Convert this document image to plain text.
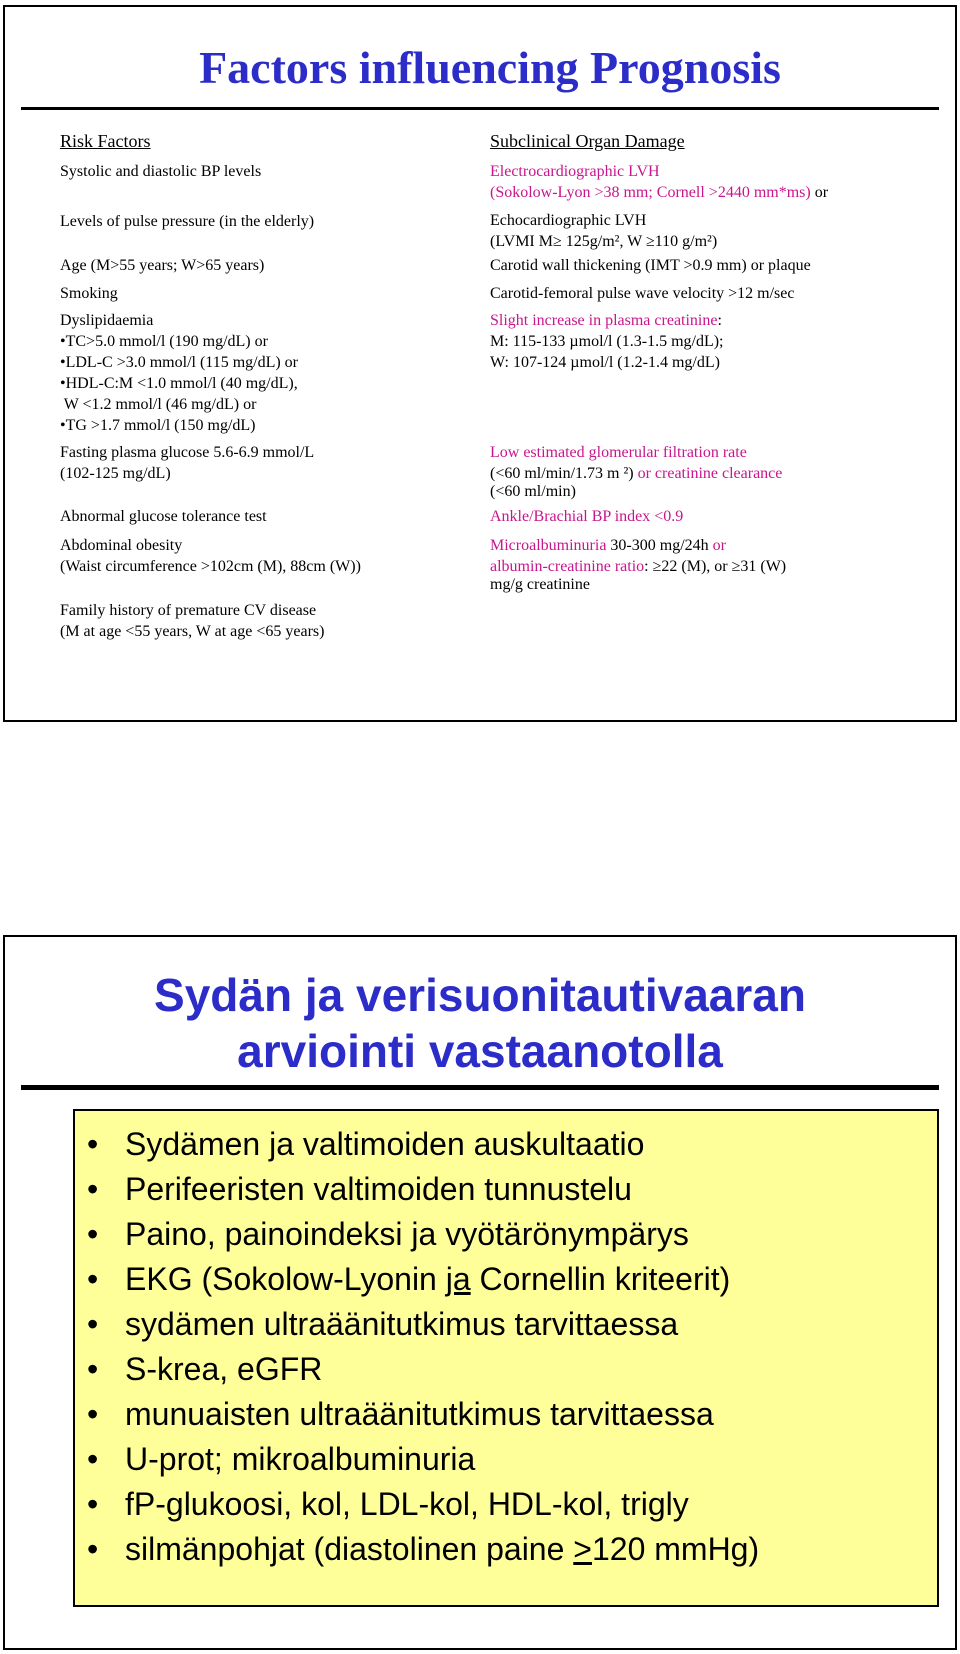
Factors influencing Prognosis
Risk Factors
Systolic and diastolic BP levels
Levels of pulse pressure (in the elderly)
Age (M>55 years; W>65 years)
Smoking
Dyslipidaemia
•TC>5.0 mmol/l (190 mg/dL) or
•LDL-C >3.0 mmol/l (115 mg/dL) or
•HDL-C:M <1.0 mmol/l (40 mg/dL),
W <1.2 mmol/l (46 mg/dL) or
•TG >1.7 mmol/l (150 mg/dL)
Fasting plasma glucose 5.6-6.9 mmol/L
(102-125 mg/dL)
Abnormal glucose tolerance test
Abdominal obesity
(Waist circumference >102cm (M), 88cm (W))
Family history of premature CV disease
(M at age <55 years, W at age <65 years)
Subclinical Organ Damage
Electrocardiographic LVH
(Sokolow-Lyon >38 mm; Cornell >2440 mm*ms) or
Echocardiographic LVH
(LVMI M≥ 125g/m², W ≥110 g/m²)
Carotid wall thickening (IMT >0.9 mm) or plaque
Carotid-femoral pulse wave velocity >12 m/sec
Slight increase in plasma creatinine:
M: 115-133 µmol/l (1.3-1.5 mg/dL);
W: 107-124 µmol/l (1.2-1.4 mg/dL)
Low estimated glomerular filtration rate
(<60 ml/min/1.73 m ²) or creatinine clearance
(<60 ml/min)
Ankle/Brachial BP index <0.9
Microalbuminuria 30-300 mg/24h or
albumin-creatinine ratio: ≥22 (M), or ≥31 (W)
mg/g creatinine
Sydän ja verisuonitautivaaran
arviointi vastaanotolla
• Sydämen ja valtimoiden auskultaatio
• Perifeeristen valtimoiden tunnustelu
• Paino, painoindeksi ja vyötärönympärys
• EKG (Sokolow-Lyonin ja Cornellin kriteerit)
• sydämen ultraäänitutkimus tarvittaessa
• S-krea, eGFR
• munuaisten ultraäänitutkimus tarvittaessa
• U-prot; mikroalbuminuria
• fP-glukoosi, kol, LDL-kol, HDL-kol, trigly
• silmänpohjat (diastolinen paine >120 mmHg)
